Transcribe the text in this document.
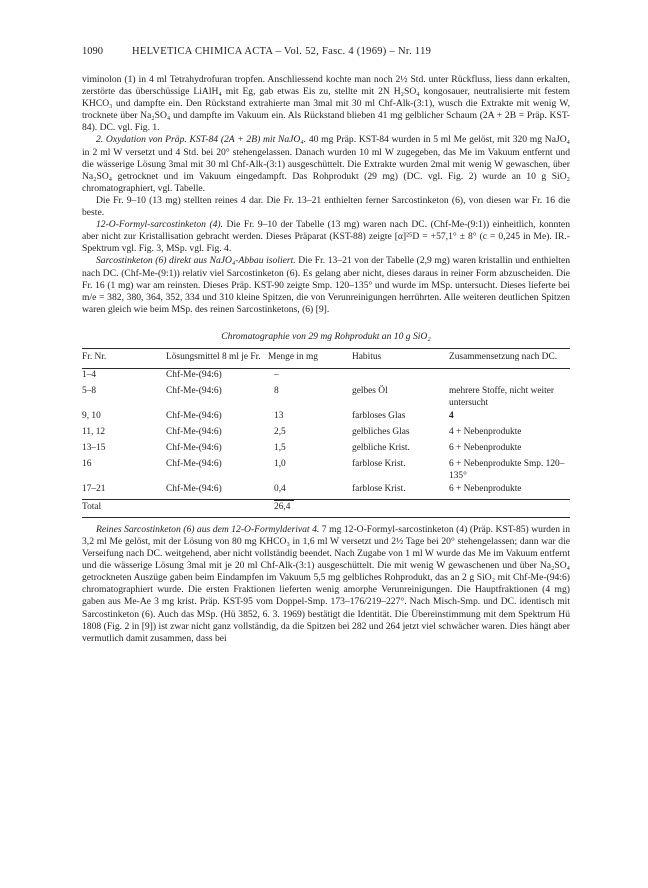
1090	HELVETICA CHIMICA ACTA – Vol. 52, Fasc. 4 (1969) – Nr. 119

viminolon (1) in 4 ml Tetrahydrofuran tropfen. Anschliessend kochte man noch 2½ Std. unter Rückfluss, liess dann erkalten, zerstörte das überschüssige LiAlH₄ mit Eg, gab etwas Eis zu, stellte mit 2N H₂SO₄ kongosauer, neutralisierte mit festem KHCO₃ und dampfte ein. Den Rückstand extrahierte man 3mal mit 30 ml Chf-Alk-(3:1), wusch die Extrakte mit wenig W, trocknete über Na₂SO₄ und dampfte im Vakuum ein. Als Rückstand blieben 41 mg gelblicher Schaum (2A + 2B = Präp. KST-84). DC. vgl. Fig. 1.

2. Oxydation von Präp. KST-84 (2A + 2B) mit NaJO₄. 40 mg Präp. KST-84 wurden in 5 ml Me gelöst, mit 320 mg NaJO₄ in 2 ml W versetzt und 4 Std. bei 20° stehengelassen. Danach wurden 10 ml W zugegeben, das Me im Vakuum entfernt und die wässerige Lösung 3mal mit 30 ml Chf-Alk-(3:1) ausgeschüttelt. Die Extrakte wurden 2mal mit wenig W gewaschen, über Na₂SO₄ getrocknet und im Vakuum eingedampft. Das Rohprodukt (29 mg) (DC. vgl. Fig. 2) wurde an 10 g SiO₂ chromatographiert, vgl. Tabelle.

Die Fr. 9–10 (13 mg) stellten reines 4 dar. Die Fr. 13–21 enthielten ferner Sarcostinketon (6), von diesen war Fr. 16 die beste.

12-O-Formyl-sarcostinketon (4). Die Fr. 9–10 der Tabelle (13 mg) waren nach DC. (Chf-Me-(9:1)) einheitlich, konnten aber nicht zur Kristallisation gebracht werden. Dieses Präparat (KST-88) zeigte [α]²⁵D = +57,1° ± 8° (c = 0,245 in Me). IR.-Spektrum vgl. Fig. 3, MSp. vgl. Fig. 4.

Sarcostinketon (6) direkt aus NaJO₄-Abbau isoliert. Die Fr. 13–21 von der Tabelle (2,9 mg) waren kristallin und enthielten nach DC. (Chf-Me-(9:1)) relativ viel Sarcostinketon (6). Es gelang aber nicht, dieses daraus in reiner Form abzuscheiden. Die Fr. 16 (1 mg) war am reinsten. Dieses Präp. KST-90 zeigte Smp. 120–135° und wurde im MSp. untersucht. Dieses lieferte bei m/e = 382, 380, 364, 352, 334 und 310 kleine Spitzen, die von Verunreinigungen herrührten. Alle weiteren deutlichen Spitzen waren gleich wie beim MSp. des reinen Sarcostinketons, (6) [9].

Chromatographie von 29 mg Rohprodukt an 10 g SiO₂
Fr. Nr.	Lösungsmittel 8 ml je Fr.	Menge in mg	Habitus	Zusammensetzung nach DC.
1–4	Chf-Me-(94:6)	–		
5–8	Chf-Me-(94:6)	8	gelbes Öl	mehrere Stoffe, nicht weiter untersucht
9, 10	Chf-Me-(94:6)	13	farbloses Glas	4
11, 12	Chf-Me-(94:6)	2,5	gelbliches Glas	4 + Nebenprodukte
13–15	Chf-Me-(94:6)	1,5	gelbliche Krist.	6 + Nebenprodukte
16	Chf-Me-(94:6)	1,0	farblose Krist.	6 + Nebenprodukte Smp. 120–135°
17–21	Chf-Me-(94:6)	0,4	farblose Krist.	6 + Nebenprodukte
Total		26,4		

Reines Sarcostinketon (6) aus dem 12-O-Formylderivat 4. 7 mg 12-O-Formyl-sarcostinketon (4) (Präp. KST-85) wurden in 3,2 ml Me gelöst, mit der Lösung von 80 mg KHCO₃ in 1,6 ml W versetzt und 2½ Tage bei 20° stehengelassen; dann war die Verseifung nach DC. weitgehend, aber nicht vollständig beendet. Nach Zugabe von 1 ml W wurde das Me im Vakuum entfernt und die wässerige Lösung 3mal mit je 20 ml Chf-Alk-(3:1) ausgeschüttelt. Die mit wenig W gewaschenen und über Na₂SO₄ getrockneten Auszüge gaben beim Eindampfen im Vakuum 5,5 mg gelbliches Rohprodukt, das an 2 g SiO₂ mit Chf-Me-(94:6) chromatographiert wurde. Die ersten Fraktionen lieferten wenig amorphe Verunreinigungen. Die Hauptfraktionen (4 mg) gaben aus Me-Ae 3 mg krist. Präp. KST-95 vom Doppel-Smp. 173–176/219–227°. Nach Misch-Smp. und DC. identisch mit Sarcostinketon (6). Auch das MSp. (Hü 3852, 6. 3. 1969) bestätigt die Identität. Die Übereinstimmung mit dem Spektrum Hü 1808 (Fig. 2 in [9]) ist zwar nicht ganz vollständig, da die Spitzen bei 282 und 264 jetzt viel schwächer waren. Dies hängt aber vermutlich damit zusammen, dass bei
